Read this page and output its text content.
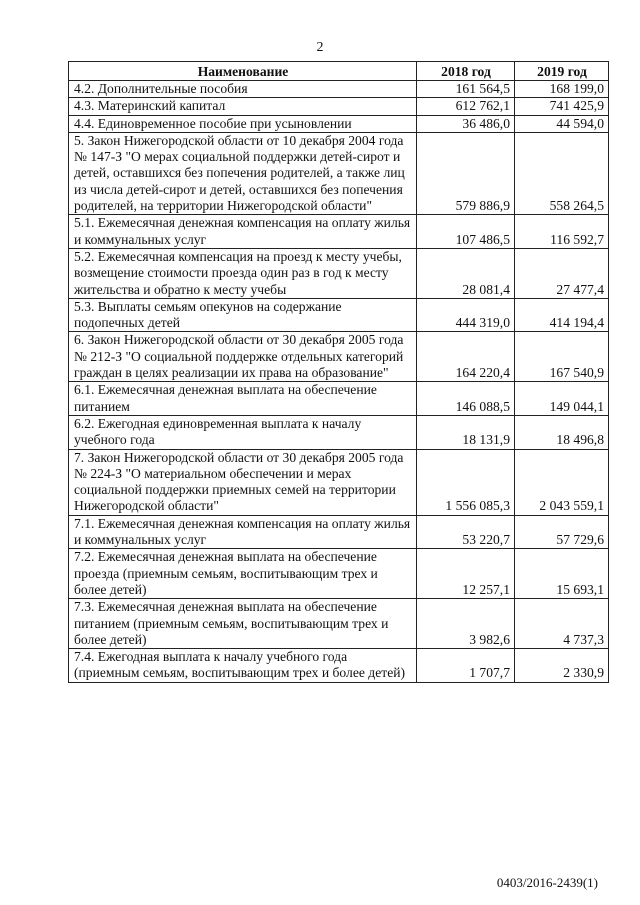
2
Наименование	2018 год	2019 год
4.2. Дополнительные пособия	161 564,5	168 199,0
4.3. Материнский капитал	612 762,1	741 425,9
4.4. Единовременное пособие при усыновлении	36 486,0	44 594,0
5. Закон Нижегородской области от 10 декабря 2004 года № 147-З "О мерах социальной поддержки детей-сирот и детей, оставшихся без попечения родителей, а также лиц из числа детей-сирот и детей, оставшихся без попечения родителей, на территории Нижегородской области"	579 886,9	558 264,5
5.1. Ежемесячная денежная компенсация на оплату жилья и коммунальных услуг	107 486,5	116 592,7
5.2. Ежемесячная компенсация на проезд к месту учебы, возмещение стоимости проезда один раз в год к месту жительства и обратно к месту учебы	28 081,4	27 477,4
5.3. Выплаты семьям опекунов на содержание подопечных детей	444 319,0	414 194,4
6. Закон Нижегородской области от 30 декабря 2005 года № 212-З "О социальной поддержке отдельных категорий граждан в целях реализации их права на образование"	164 220,4	167 540,9
6.1. Ежемесячная денежная выплата на обеспечение питанием	146 088,5	149 044,1
6.2. Ежегодная единовременная выплата к началу учебного года	18 131,9	18 496,8
7. Закон Нижегородской области от 30 декабря 2005 года № 224-З "О материальном обеспечении и мерах социальной поддержки приемных семей на территории Нижегородской области"	1 556 085,3	2 043 559,1
7.1. Ежемесячная денежная компенсация на оплату жилья и коммунальных услуг	53 220,7	57 729,6
7.2. Ежемесячная денежная выплата на обеспечение проезда (приемным семьям, воспитывающим трех и более детей)	12 257,1	15 693,1
7.3. Ежемесячная денежная выплата на обеспечение питанием (приемным семьям, воспитывающим трех и более детей)	3 982,6	4 737,3
7.4. Ежегодная выплата к началу учебного года (приемным семьям, воспитывающим трех и более детей)	1 707,7	2 330,9
0403/2016-2439(1)
